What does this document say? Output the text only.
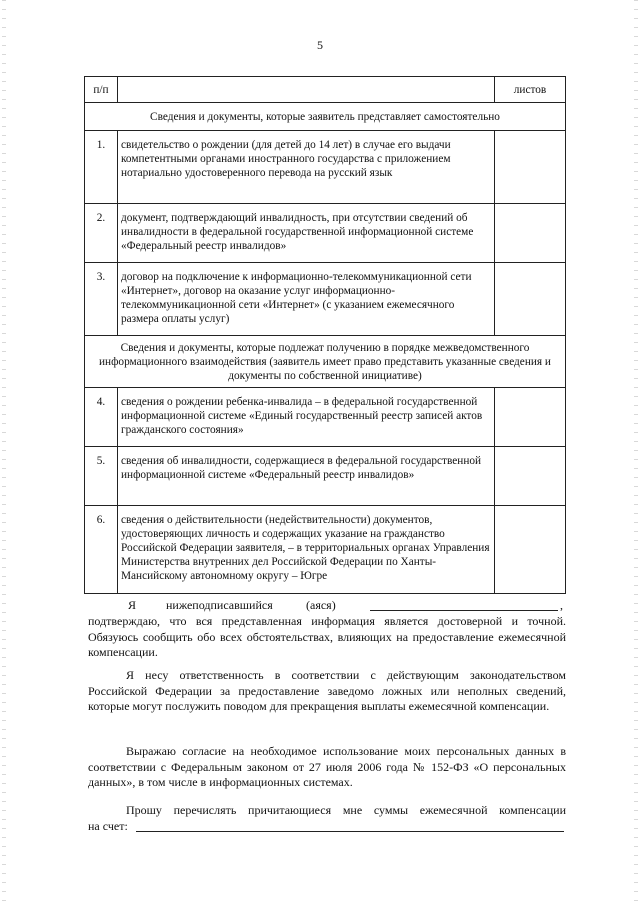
5
п/п		листов
Сведения и документы, которые заявитель представляет самостоятельно		
1.	свидетельство о рождении (для детей до 14 лет) в случае его выдачи компетентными органами иностранного государства с приложением нотариально удостоверенного перевода на русский язык	
2.	документ, подтверждающий инвалидность, при отсутствии сведений об инвалидности в федеральной государственной информационной системе «Федеральный реестр инвалидов»	
3.	договор на подключение к информационно-телекоммуникационной сети «Интернет», договор на оказание услуг информационно-телекоммуникационной сети «Интернет» (с указанием ежемесячного размера оплаты услуг)	
Сведения и документы, которые подлежат получению в порядке межведомственного информационного взаимодействия (заявитель имеет право представить указанные сведения и документы по собственной инициативе)		
4.	сведения о рождении ребенка-инвалида – в федеральной государственной информационной системе «Единый государственный реестр записей актов гражданского состояния»	
5.	сведения об инвалидности, содержащиеся в федеральной государственной информационной системе «Федеральный реестр инвалидов»	
6.	сведения о действительности (недействительности) документов, удостоверяющих личность и содержащих указание на гражданство Российской Федерации заявителя, – в территориальных органах Управления Министерства внутренних дел Российской Федерации по Ханты-Мансийскому автономному округу – Югре	
Я нижеподписавшийся	(аяся)	,

подтверждаю, что вся представленная информация является достоверной и точной. Обязуюсь сообщить обо всех обстоятельствах, влияющих на предоставление ежемесячной компенсации.

Я несу ответственность в соответствии с действующим законодательством Российской Федерации за предоставление заведомо ложных или неполных сведений, которые могут послужить поводом для прекращения выплаты ежемесячной компенсации.

Выражаю согласие на необходимое использование моих персональных данных в соответствии с Федеральным законом от 27 июля 2006 года № 152-ФЗ «О персональных данных», в том числе в информационных системах.

Прошу перечислять причитающиеся мне суммы ежемесячной компенсации

на счет:
